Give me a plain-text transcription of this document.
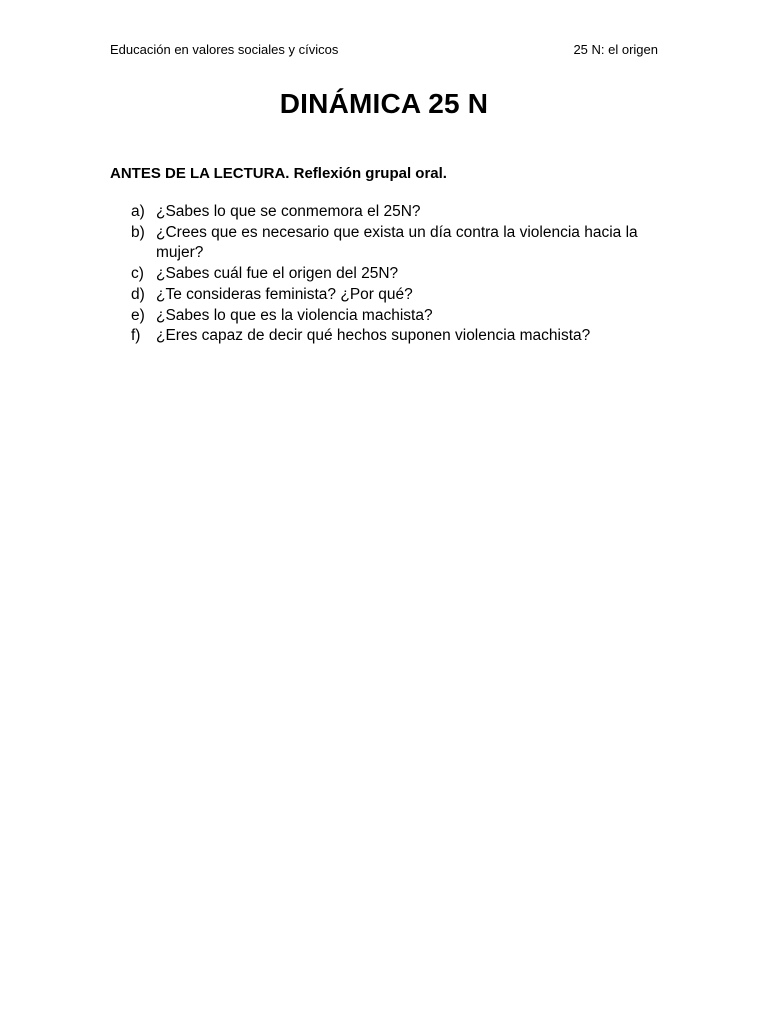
Educación en valores sociales y cívicos	25 N: el origen
DINÁMICA 25 N
ANTES DE LA LECTURA. Reflexión grupal oral.
a) ¿Sabes lo que se conmemora el 25N?
b) ¿Crees que es necesario que exista un día contra la violencia hacia la mujer?
c) ¿Sabes cuál fue el origen del 25N?
d) ¿Te consideras feminista? ¿Por qué?
e) ¿Sabes lo que es la violencia machista?
f)	¿Eres capaz de decir qué hechos suponen violencia machista?
